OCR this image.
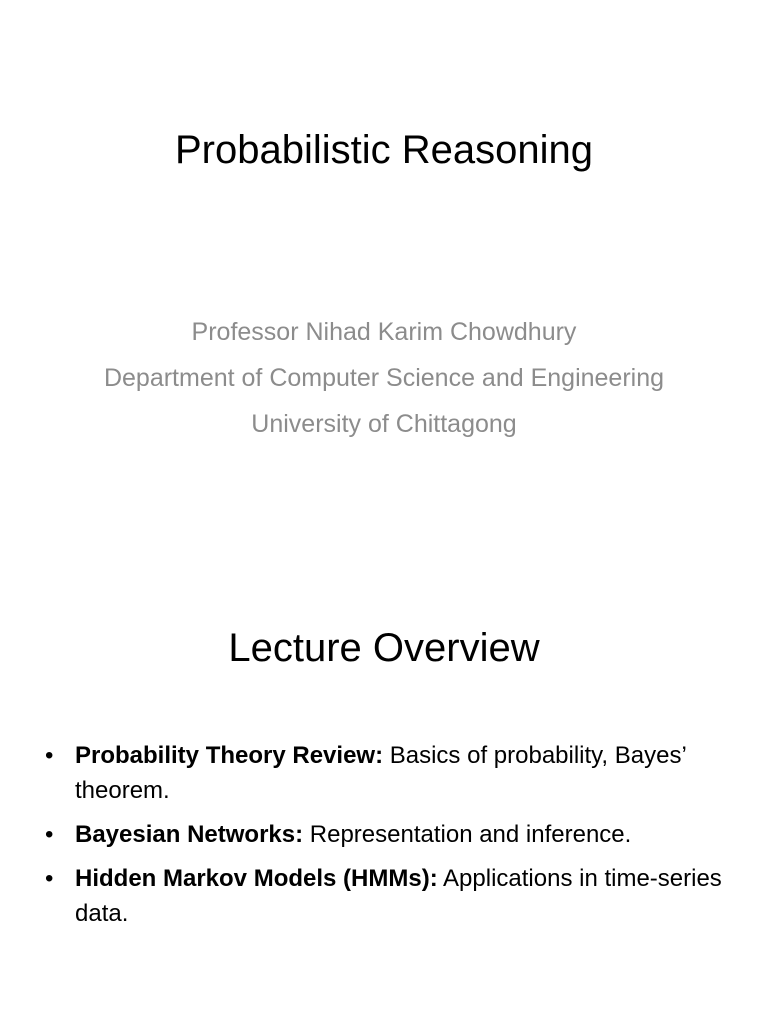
Probabilistic Reasoning
Professor Nihad Karim Chowdhury
Department of Computer Science and Engineering
University of Chittagong
Lecture Overview
• Probability Theory Review: Basics of probability, Bayes’ theorem.
• Bayesian Networks: Representation and inference.
• Hidden Markov Models (HMMs): Applications in time-series data.
